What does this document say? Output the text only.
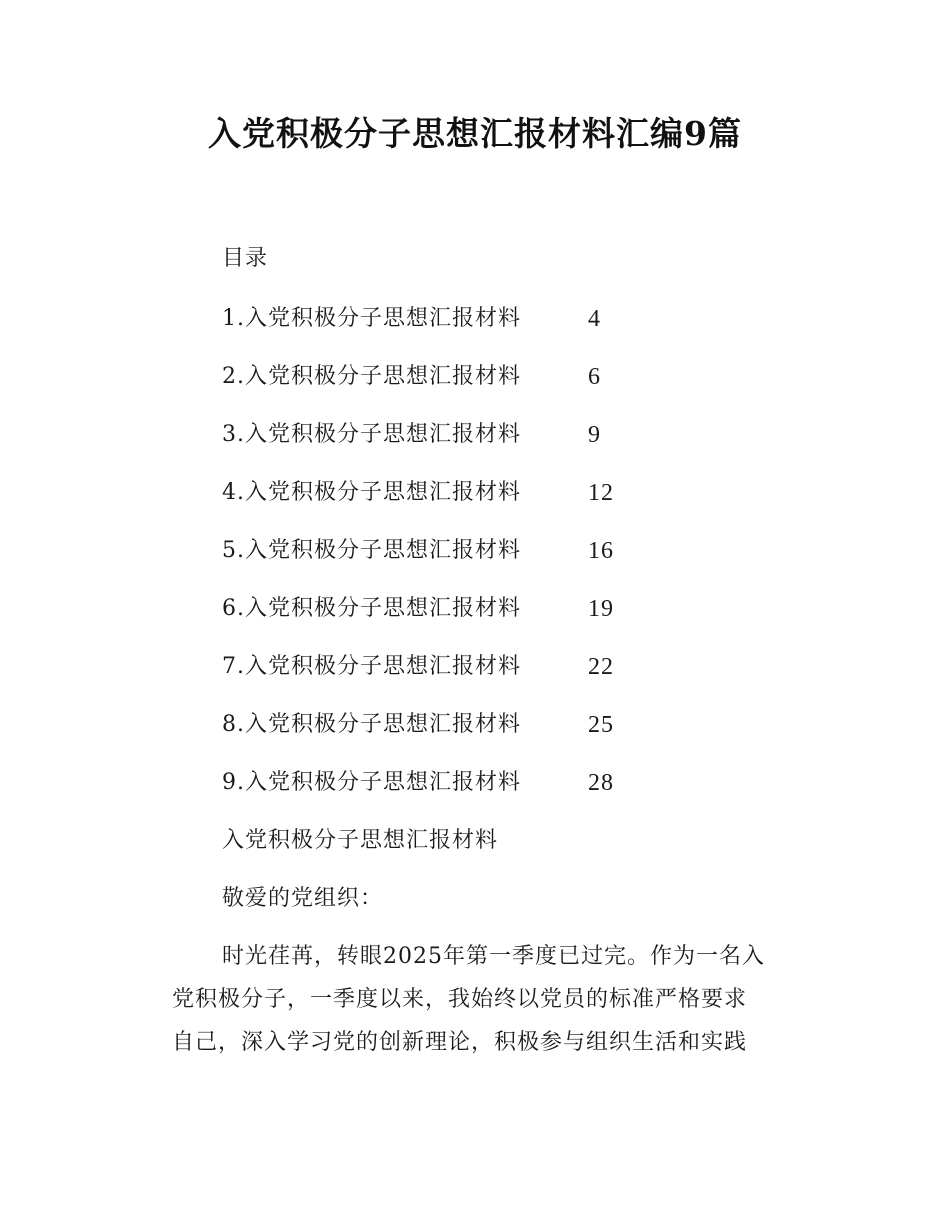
入党积极分子思想汇报材料汇编9篇
目录
1.入党积极分子思想汇报材料	4
2.入党积极分子思想汇报材料	6
3.入党积极分子思想汇报材料	9
4.入党积极分子思想汇报材料	12
5.入党积极分子思想汇报材料	16
6.入党积极分子思想汇报材料	19
7.入党积极分子思想汇报材料	22
8.入党积极分子思想汇报材料	25
9.入党积极分子思想汇报材料	28
入党积极分子思想汇报材料
敬爱的党组织：
时光荏苒，转眼2025年第一季度已过完。作为一名入
党积极分子，一季度以来，我始终以党员的标准严格要求
自己，深入学习党的创新理论，积极参与组织生活和实践
